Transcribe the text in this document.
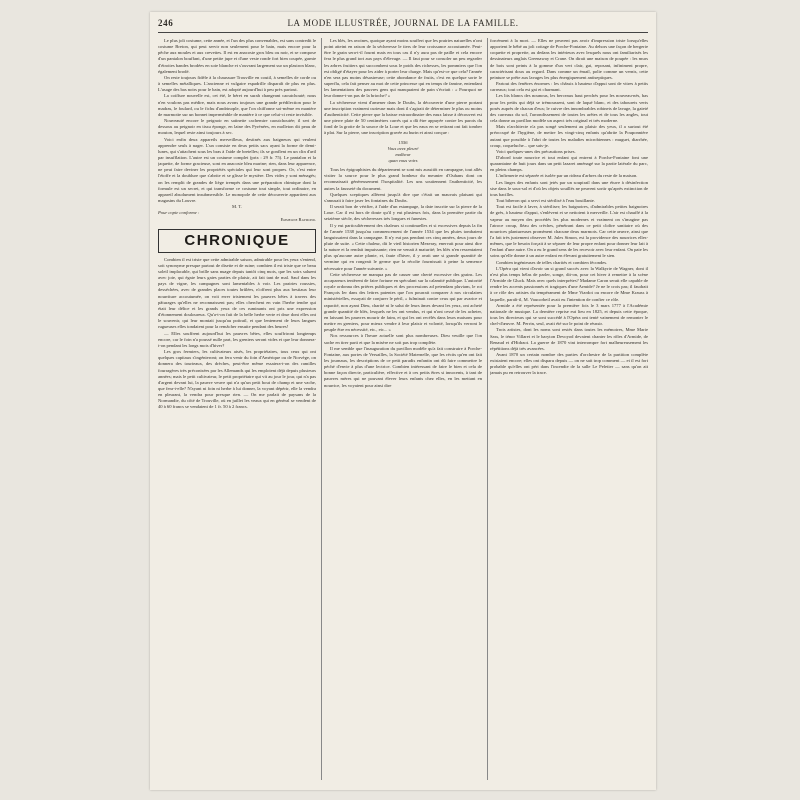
246	LA MODE ILLUSTRÉE, JOURNAL DE LA FAMILLE.

Le plus joli costume, cette année, et l'un des plus convenables, est sans contredit le costume Breton, qui peut servir non seulement pour le bain, mais encore pour la pêche aux moules et aux crevettes. Il est en anacoste gros bleu ou noir, et se compose d'un pantalon bouffant, d'une petite jupe et d'une veste ronde fort bien coupée, garnie d'étroites bandes brodées en soie blanche et s'ouvrant largement sur un plastron blanc, également brodé.

On reste toujours fidèle à la chaussure Trouville en coutil, à semelles de corde ou à semelles métalliques. L'ancienne et vulgaire espadrille disparaît de plus en plus. L'usage des bas noirs pour le bain, est adopté aujourd'hui à peu près partout.

La coiffure nouvelle est, cet été, le béret en surah changeant caoutchouté; nous n'en voulons pas médire, mais nous avons toujours une grande prédilection pour le madras, le foulard, ou le fichu d'andrinople, que l'on chiffonne soi-même en manière de marmotte sur un bonnet imperméable de manière à ce que celui-ci reste invisible.

Nouveauté encore le peignoir en satinette cachemire caoutchoutée; il sert de dessous au peignoir en tissu éponge, en laine des Pyrénées, en molleton dit peau de mouton, lequel reste ainsi toujours à sec.

Voici enfin deux appareils merveilleux, destinés aux baigneurs qui veulent apprendre seuls à nager. L'un consiste en deux petits sacs ayant la forme de demi-lunes, qui s'attachent sous les bras à l'aide de bretelles; ils se gonflent en un clin d'œil par insufflation. L'autre est un costume complet (prix : 29 fr. 75). Le pantalon et la jaquette, de forme gracieuse, sont en anacoste bleu marine; rien, dans leur apparence, ne peut faire deviner les propriétés spéciales qui leur sont propres. Or, c'est entre l'étoffe et la doublure que s'abrite et se glisse le mystère. Des vides y sont ménagés; on les remplit de grandes de liège trempés dans une préparation chimique dont la formule est un secret, et qui transforme ce costume tout simple, tout ordinaire, en appareil absolument insubmersible. Le monopole de cette découverte appartient aux magasins du Louvre.

M. T.

Pour copie conforme :

Emmeline Raymond.

CHRONIQUE

Combien il est triste que cette admirable saison, admirable pour les yeux s'entend, soit synonyme presque partout de disette et de ruine; combien il est triste que ce beau soleil implacable, qui brille sans nuage depuis tantôt cinq mois, que les soirs saluent avec joie, qui égaie leurs gaies parties de plaisir, ait fait tant de mal. Sauf dans les pays de vigne, les campagnes sont lamentables à voir. Les prairies roussies, desséchées, avec de grandes places toutes brûlées, n'offrent plus aux bestiaux leur nourriture accoutumée, on voit errer tristement les pauvres bêtes à travers des pâturages qu'elles ne reconnaissent pas; elles cherchent en vain l'herbe tendre qui était leur délice et les grands yeux de ces ruminants ont pris une expression d'étonnement douloureux. Qu'a-t-on fait de la belle herbe verte et drue dont elles ont le souvenir, qui leur montait jusqu'au poitrail, et que lentement de leurs langues rugueuses elles tondaient pour la remâcher ensuite pendant des heures!

— Elles souffrent aujourd'hui les pauvres bêtes, elles souffriront longtemps encore, car le foin n'a poussé nulle part, les greniers seront vides et que leur donnera-t-on pendant les longs mois d'hiver?

Les gros fermiers, les cultivateurs aisés, les propriétaires, tous ceux qui ont quelques capitaux s'ingénieront; on fera venir du foin d'Amérique ou de Norvège, on donnera des tourteaux, des drèches, peut-être même essaiera-t-on des ramilles fourragères très préconisées par les Allemands qui les emploient déjà depuis plusieurs années; mais le petit cultivateur, le petit propriétaire qui vit au jour le jour, qui n'a pas d'argent devant lui, la pauvre veuve qui n'a qu'un petit bout de champ et une vache, que fera-t-elle? N'ayant ni foin ni herbe à lui donner, la voyant dépérir, elle la vendra en pleurant, la vendra pour presque rien. — On me parlait de paysans de la Normandie, du côté de Trouville, où en juillet les veaux qui en général se vendent de 40 à 60 francs se vendaient de 1 fr. 50 à 2 francs.

Les blés, les avoines, quoique ayant moins souffert que les prairies naturelles n'ont point atteint en raison de la sécheresse le tiers de leur croissance accoutumée. Peut-être le grain sera-t-il fourni mais en tous cas il n'y aura pas de paille et cela encore fera le plus grand tort aux pays d'élevage. — Il faut pour se consoler un peu regarder les arbres fruitiers qui succombent sous le poids des richesses, les pommiers que l'on est obligé d'étayer pour les aider à porter leur charge. Mais qu'est-ce que cela? l'année n'en sera pas moins désastreuse; cette abondance de fruits, c'est en quelque sorte le superflu, cela fait penser au mot de cette princesse qui en temps de famine, entendant les lamentations des pauvres gens qui manquaient de pain s'écriait : « Pourquoi ne leur donne-t-on pas de la brioche? »

La sécheresse vient d'amener dans le Doubs, la découverte d'une pierre portant une inscription vraiment curieuse mais dont il s'agirait de déterminer le plus ou moins d'authenticité. Cette pierre que la baisse extraordinaire des eaux laisse à découvert est une pierre plate de 50 centimètres carrés qui a dû être appuyée contre les parois du fond de la grotte de la source de la Loue et que les eaux en se retirant ont fait tomber à plat. Sur la pierre, une inscription gravée au burin et ainsi conçue :

1556
Vous avez pleuré
malheur
quan vous voirs

Tous les épigraphistes du département se sont mis aussitôt en campagne, tout allés visiter la source pour le plus grand bonheur du meunier d'Ouhans dont on reconnaissait généreusement l'hospitalité. Les uns soutiennent l'authenticité, les autres la fausseté du document.

Quelques sceptiques allèrent jusqu'à dire que c'était un mauvais plaisant qui s'amusait à faire jaser les fontaines du Doubs.

Il serait bon de vérifier, à l'aide d'un estampage, la date inscrite sur la pierre de la Loue. Car il est hors de doute qu'il y eut plusieurs fois, dans la première partie du seizième siècle, des sécheresses très longues et funestes.

Il y eut particulièrement des chaleurs si continuelles et si excessives depuis la fin de l'année 1538 jusqu'au commencement de l'année 1534 que les pluies tombaient languissaient dans la campagne. Il n'y eut pas pendant ces cinq années, deux jours de pluie de suite. « Cette chaleur, dit le vieil historien Mezeray, enervait pour ainsi dire la nature et la rendait impuissante; rien ne venait à maturité; les blés n'en ressentaient plus qu'aucune autre plante, et, faute d'hiver, il y avait une si grande quantité de vermine qui en rongeait le germe que la récolte fournissait à peine la semence nécessaire pour l'année suivante. »

Cette sécheresse ne manqua pas de causer une cherté excessive des grains. Les accapareurs tentèrent de faire fortune en spéculant sur la calamité publique. L'autorité royale ordonna des prières publiques et des processions ad petendam pluviam, le roi François Ier dans des lettres patentes que l'on pourrait comparer à nos circulaires ministérielles, essayait de conjurer le péril, « fulminait contre ceux qui par avarice et rapacité, non ayant Dieu, charité ni le salut de leurs âmes devant les yeux, ont acheté grande quantité de blés, lesquels ne les ont vendus, et qui n'ont cessé de les acheter, en laissant les pauvres mourir de faim, et qui les ont recélés dans leurs maisons pour mettre en greniers, pour mieux vendre à leur plaisir et volonté, lorsqu'ils verront le peuple être en nécessité, etc., etc... »

Nos ressources à l'heure actuelle sont plus nombreuses. Dieu veuille que l'on sache en tirer parti et que la misère ne soit pas trop complète.

Il me semble que l'inauguration du pavillon modèle qu'a fait construire à Porche-Fontaine, aux portes de Versailles, la Société Maternelle, que les récits qu'en ont fait les journaux, les descriptions de ce petit paradis enfantin ont dû faire commettre le péché d'envie à plus d'une lectrice. Combien intéressant de faire le bien et cela de bonne façon directe, particulière, effective et à ces petits êtres si innocents, à tant de pauvres mères qui ne pouvant élever leurs enfants chez elles, en les mettant en nourrice, les voyaient pour ainsi dire

forcément à la mort. — Elles ne peuvent pas avoir d'impression triste lorsqu'elles apportent le bébé au joli cottage de Porche-Fontaine. Au dehors une façon de bergerie coquette et proprette, au dedans les intérieurs avec lesquels nous ont familiarisés les dessinateurs anglais Greenaway et Crane. On dirait une maison de poupée : les murs de bois sont peints à la gomme d'un vert clair, gai, reposant, infiniment propre, caractérisant doux au regard. Dans comme un émail, polie comme un vernis, cette peinture se prête aux lavages les plus énergiquement antiseptiques.

Partout des fenêtres énormes : les châssis à hauteur d'appui sont de vitres à petits carreaux; tout cela est gai et charmant.

Les lits blancs des nounous, les berceaux haut perchés pour les nouveau-nés, bas pour les petits qui déjà se trémoussent, sont de laqué blanc, et des tabourets verts posés auprès de chacun d'eux; le cuivre des innombrables robinets de lavage, la gaieté des carreaux du sol, l'arrondissement de toutes les arêtes et de tous les angles, tout cela donne au pavillon modèle un aspect très original et très moderne.

Mais n'architecte n'a pas songé seulement au plaisir des yeux, il a surtout été préoccupé de l'hygiène, de mettre les vingt-cinq enfants qu'abrite la Pouponnière autant que possible à l'abri de toutes les maladies microbiennes : muguet, diarrhée, croup, coqueluche... que sais-je.

Voici quelques-unes des précautions prises.

D'abord toute nourrice et tout enfant qui entrent à Porche-Fontaine font une quarantaine de huit jours dans un petit lazaret aménagé sur la partie latérale du parc, en pleins champs.

L'infirmerie est séparée et isolée par un rideau d'arbres du reste de la maison.

Les linges des enfants sont jetés par un soupirail dans une étuve à désinfection sise dans le sous-sol et d'où les objets souillés ne peuvent sortir qu'après extinction de tous bacilles.

Tout biberon qui a servi est stérilisé à l'eau bouillante.

Tout est facile à laver, à stériliser; les baignoires, d'admirables petites baignoires de grès, à hauteur d'appui, s'enlèvent et se nettoient à merveille. L'air est chauffé à la vapeur au moyen des procédés les plus modernes et vraiment on s'imagine pas l'atroce croup, fléau des crèches, pénétrant dans ce petit cloître sanitaire où des nourrices plantureuses promènent chacune deux marmots. Car cette œuvre, ainsi que l'a fait très justement observer M. Jules Simon, est la providence des nourrices elles-mêmes, que le besoin forçait à se séparer de leur propre enfant pour donner leur lait à l'enfant d'une autre. On a eu le grand sens de les recevoir avec leur enfant. On paie les soins qu'elle donne à un autre enfant en élevant gratuitement le sien.

Combien ingénieuses de telles charités et combien fécondes.

L'Opéra qui vient d'avoir un si grand succès avec la Walkyrie de Wagner, dont il n'est plus temps hélas de parler, songe, dit-on, pour cet hiver à remettre à la scène l'Armide de Gluck. Mais avec quels interprètes? Madame Caron serait elle capable de rendre les accents passionnés et tragiques d'une Armide? Je ne le crois pas; il faudrait à ce rôle des artistes du tempérament de Mme Viardot ou encore de Mme Krauss à laquelle, paraît-il, M. Vaucorbeil avait eu l'intention de confier ce rôle.

Armide a été représentée pour la première fois le 3 mars 1777 à l'Académie nationale de musique. La dernière reprise eut lieu en 1825, et depuis cette époque, tous les directeurs qui se sont succédé à l'Opéra ont tenté vainement de remonter le chef-d'œuvre. M. Perrin, seul, avait été sur le point de réussir.

Trois artistes, dont les noms sont restés dans toutes les mémoires, Mme Marie Sass, le ténor Villaret et le baryton Devoyod devaient chanter les rôles d'Armide, de Renaud et d'Hidraot. La guerre de 1870 vint interrompre fort malheureusement les répétitions déjà très avancées.

Avant 1870 un certain nombre des parties d'orchestre de la partition complète existaient encore; elles ont disparu depuis — on ne sait trop comment — et il est fort probable qu'elles ont péri dans l'incendie de la salle Le Peletier — sans qu'on ait jamais pu en retrouver la trace.
